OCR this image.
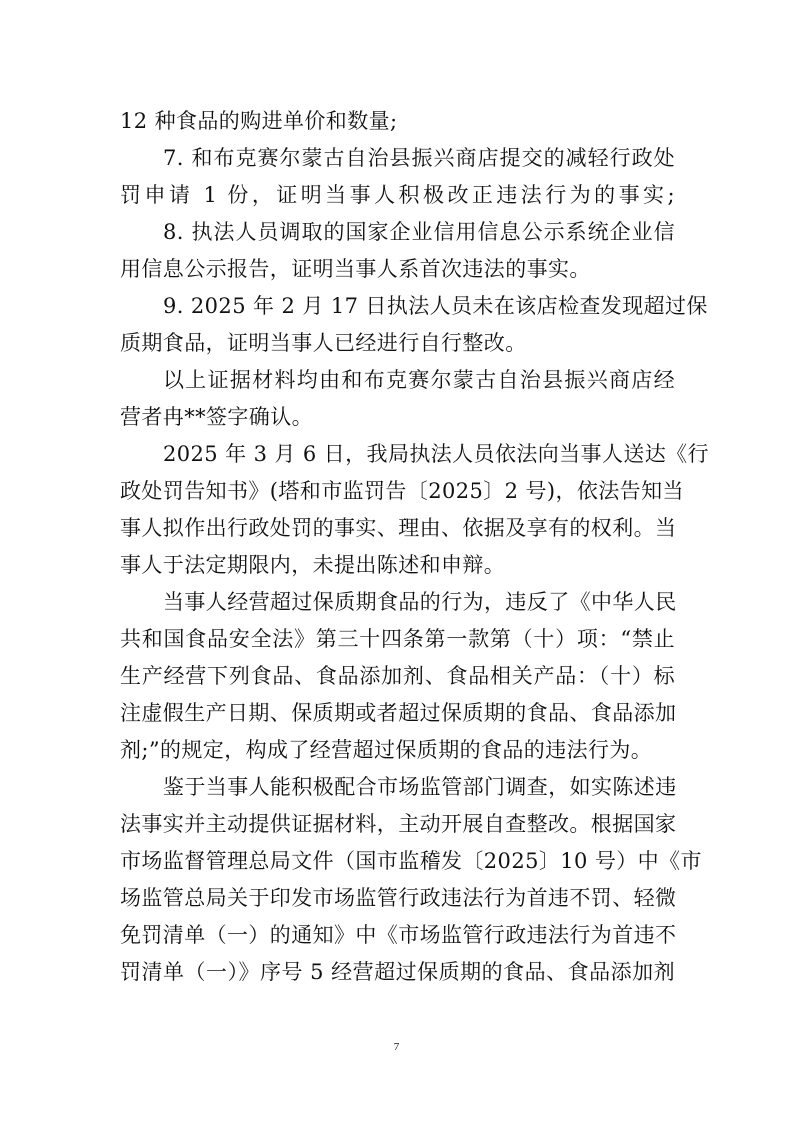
12 种食品的购进单价和数量;
7. 和布克赛尔蒙古自治县振兴商店提交的减轻行政处
罚申请 1 份，证明当事人积极改正违法行为的事实;
8. 执法人员调取的国家企业信用信息公示系统企业信
用信息公示报告，证明当事人系首次违法的事实。
9. 2025 年 2 月 17 日执法人员未在该店检查发现超过保
质期食品，证明当事人已经进行自行整改。
以上证据材料均由和布克赛尔蒙古自治县振兴商店经
营者冉**签字确认。
2025 年 3 月 6 日，我局执法人员依法向当事人送达《行
政处罚告知书》(塔和市监罚告〔2025〕2 号)，依法告知当
事人拟作出行政处罚的事实、理由、依据及享有的权利。当
事人于法定期限内，未提出陈述和申辩。
当事人经营超过保质期食品的行为，违反了《中华人民
共和国食品安全法》第三十四条第一款第（十）项：“禁止
生产经营下列食品、食品添加剂、食品相关产品：（十）标
注虚假生产日期、保质期或者超过保质期的食品、食品添加
剂;”的规定，构成了经营超过保质期的食品的违法行为。
鉴于当事人能积极配合市场监管部门调查，如实陈述违
法事实并主动提供证据材料，主动开展自查整改。根据国家
市场监督管理总局文件（国市监稽发〔2025〕10 号）中《市
场监管总局关于印发市场监管行政违法行为首违不罚、轻微
免罚清单（一）的通知》中《市场监管行政违法行为首违不
罚清单（一）》序号 5 经营超过保质期的食品、食品添加剂
7
